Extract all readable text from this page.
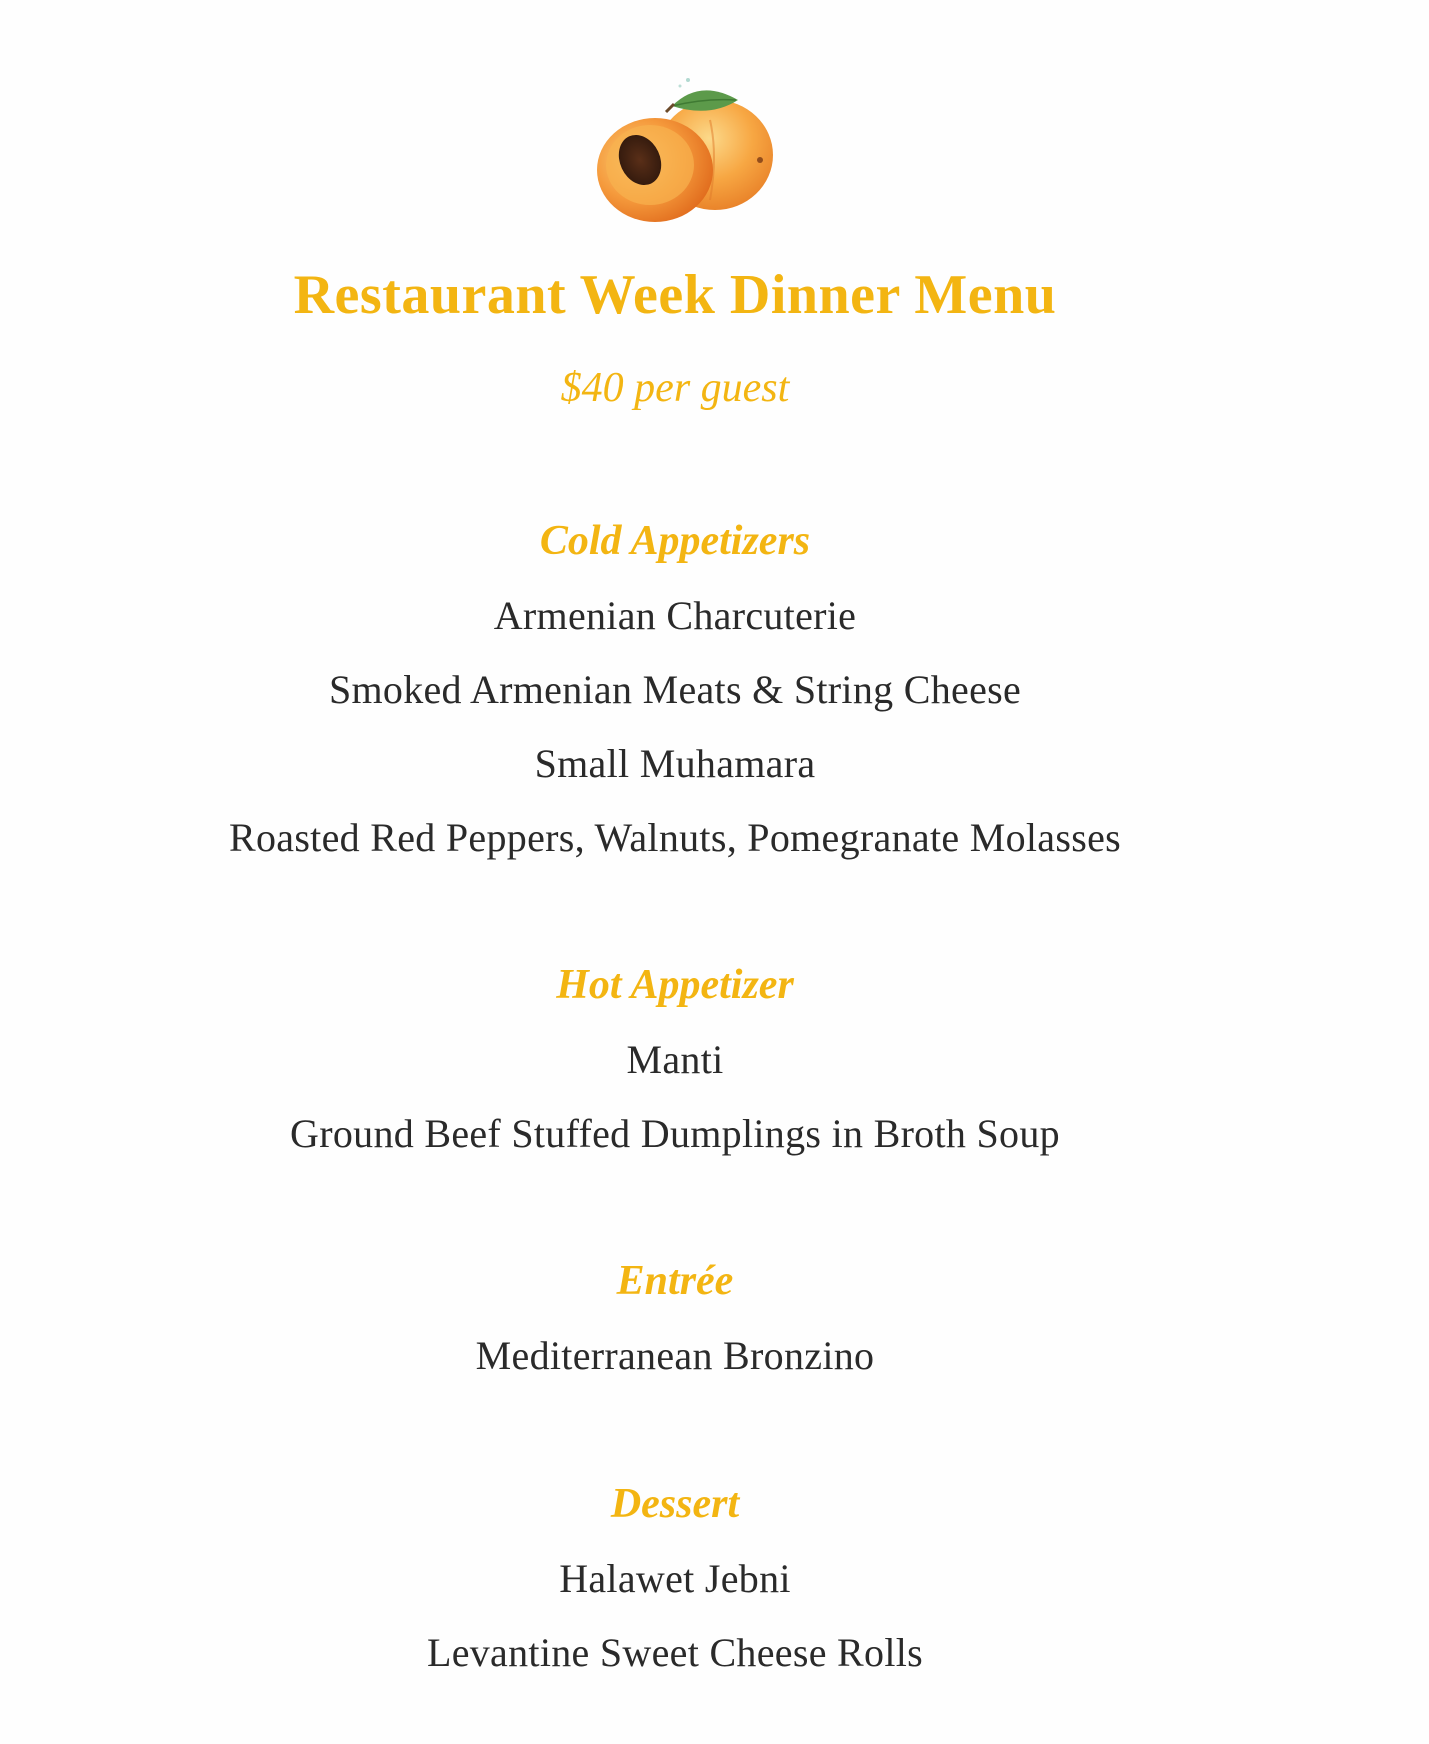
Restaurant Week Dinner Menu
$40 per guest
Cold Appetizers
Armenian Charcuterie
Smoked Armenian Meats & String Cheese
Small Muhamara
Roasted Red Peppers, Walnuts, Pomegranate Molasses
Hot Appetizer
Manti
Ground Beef Stuffed Dumplings in Broth Soup
Entrée
Mediterranean Bronzino
Dessert
Halawet Jebni
Levantine Sweet Cheese Rolls
